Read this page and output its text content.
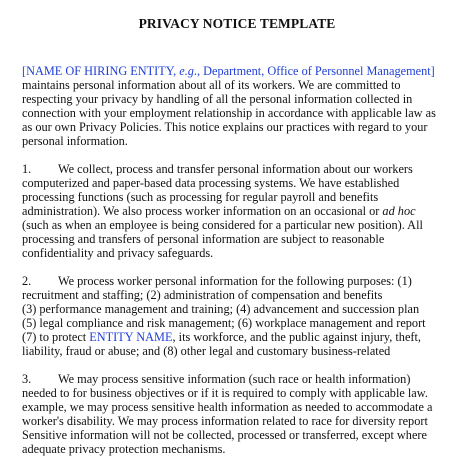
PRIVACY NOTICE TEMPLATE
[NAME OF HIRING ENTITY, e.g., Department, Office of Personnel Management]
maintains personal information about all of its workers. We are committed to
respecting your privacy by handling of all the personal information collected in
connection with your employment relationship in accordance with applicable law as
as our own Privacy Policies. This notice explains our practices with regard to your
personal information.
1. We collect, process and transfer personal information about our workers
computerized and paper-based data processing systems. We have established
processing functions (such as processing for regular payroll and benefits
administration). We also process worker information on an occasional or ad hoc
(such as when an employee is being considered for a particular new position). All
processing and transfers of personal information are subject to reasonable
confidentiality and privacy safeguards.
2. We process worker personal information for the following purposes: (1)
recruitment and staffing; (2) administration of compensation and benefits
(3) performance management and training; (4) advancement and succession plan
(5) legal compliance and risk management; (6) workplace management and report
(7) to protect ENTITY NAME, its workforce, and the public against injury, theft,
liability, fraud or abuse; and (8) other legal and customary business-related
3. We may process sensitive information (such race or health information)
needed to for business objectives or if it is required to comply with applicable law.
example, we may process sensitive health information as needed to accommodate a
worker's disability. We may process information related to race for diversity report
Sensitive information will not be collected, processed or transferred, except where
adequate privacy protection mechanisms.
